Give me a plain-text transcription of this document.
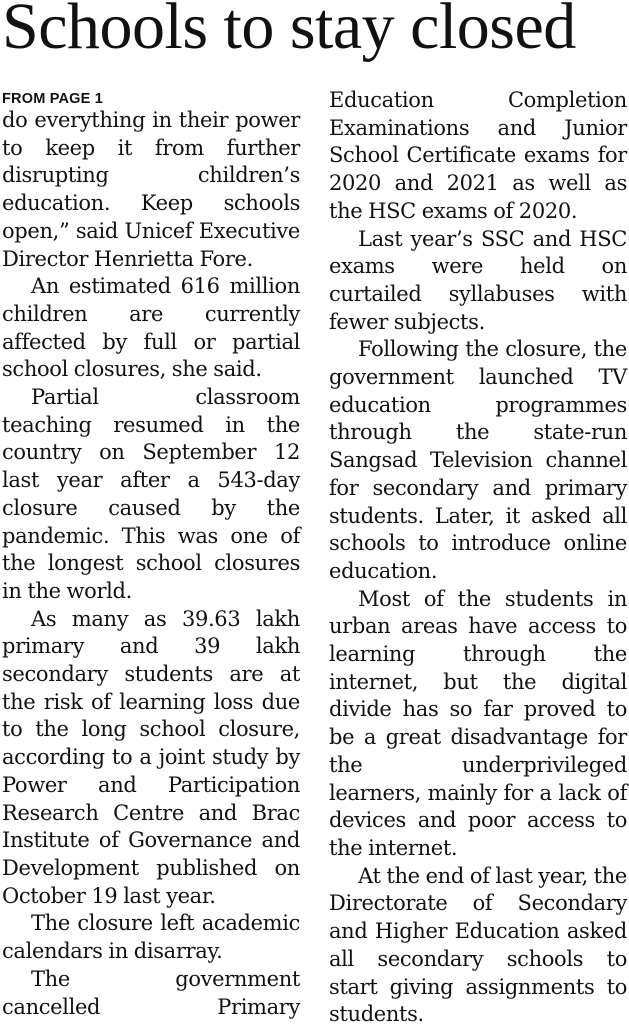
Schools to stay closed
FROM PAGE 1

do everything in their power to keep it from further disrupting children’s education. Keep schools open,” said Unicef Executive Director Henrietta Fore.

An estimated 616 million children are currently affected by full or partial school closures, she said.

Partial classroom teaching resumed in the country on September 12 last year after a 543-day closure caused by the pandemic. This was one of the longest school closures in the world.

As many as 39.63 lakh primary and 39 lakh secondary students are at the risk of learning loss due to the long school closure, according to a joint study by Power and Participation Research Centre and Brac Institute of Governance and Development published on October 19 last year.

The closure left academic calendars in disarray.

The government cancelled Primary

Education Completion Examinations and Junior School Certificate exams for 2020 and 2021 as well as the HSC exams of 2020.

Last year’s SSC and HSC exams were held on curtailed syllabuses with fewer subjects.

Following the closure, the government launched TV education programmes through the state-run Sangsad Television channel for secondary and primary students. Later, it asked all schools to introduce online education.

Most of the students in urban areas have access to learning through the internet, but the digital divide has so far proved to be a great disadvantage for the underprivileged learners, mainly for a lack of devices and poor access to the internet.

At the end of last year, the Directorate of Secondary and Higher Education asked all secondary schools to start giving assignments to students.
